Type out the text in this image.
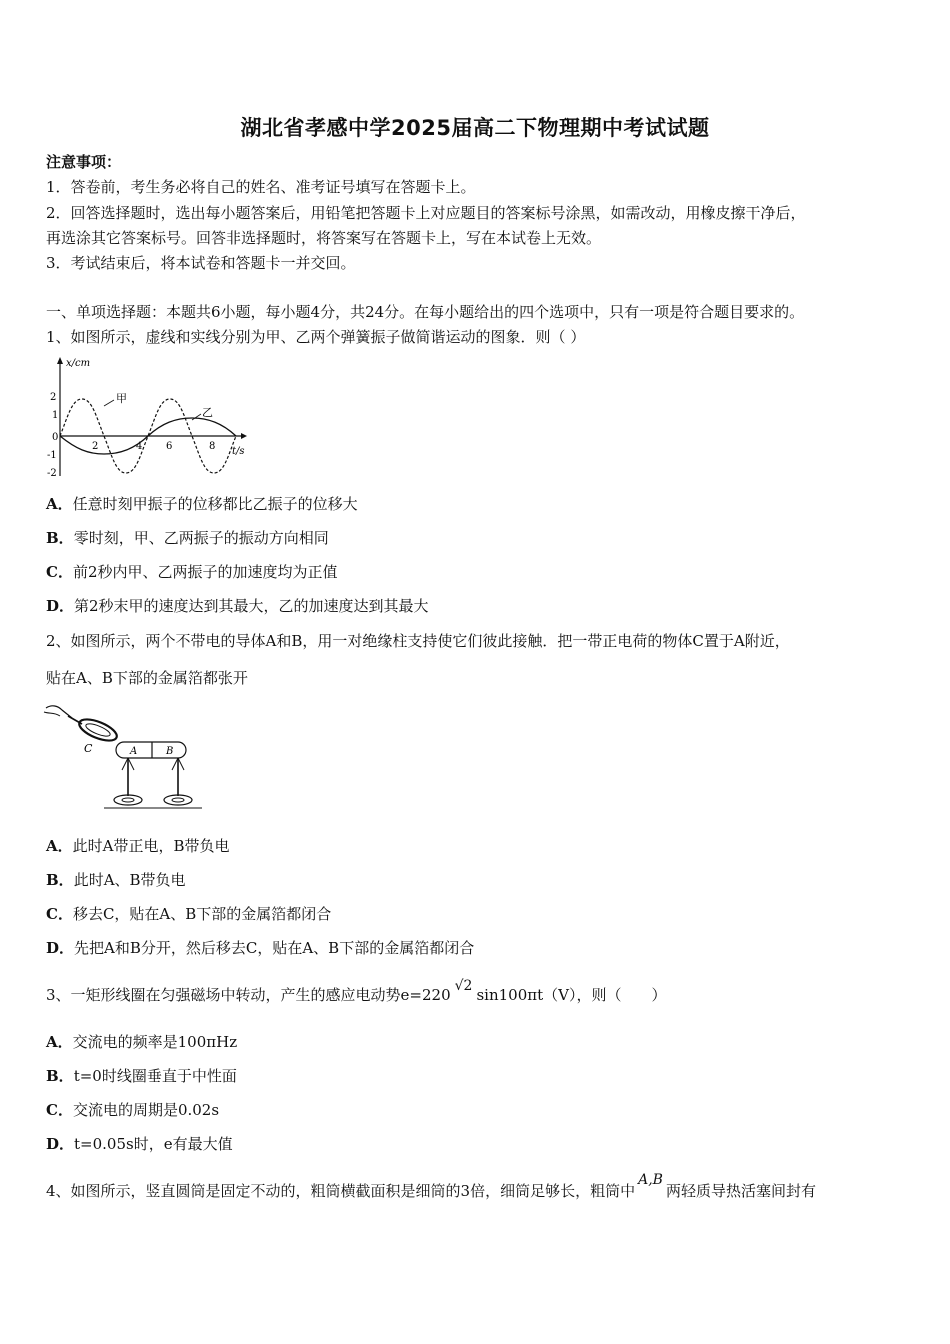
湖北省孝感中学2025届高二下物理期中考试试题
注意事项：
1．答卷前，考生务必将自己的姓名、准考证号填写在答题卡上。
2．回答选择题时，选出每小题答案后，用铅笔把答题卡上对应题目的答案标号涂黑，如需改动，用橡皮擦干净后，
再选涂其它答案标号。回答非选择题时，将答案写在答题卡上，写在本试卷上无效。
3．考试结束后，将本试卷和答题卡一并交回。
一、单项选择题：本题共6小题，每小题4分，共24分。在每小题给出的四个选项中，只有一项是符合题目要求的。
1、如图所示，虚线和实线分别为甲、乙两个弹簧振子做简谐运动的图象．则（ ）
x/cm
t/s
2
1
0
-1
-2
2	4 6	8
甲
乙
A．任意时刻甲振子的位移都比乙振子的位移大
B．零时刻，甲、乙两振子的振动方向相同
C．前2秒内甲、乙两振子的加速度均为正值
D．第2秒末甲的速度达到其最大，乙的加速度达到其最大
2、如图所示，两个不带电的导体A和B，用一对绝缘柱支持使它们彼此接触．把一带正电荷的物体C置于A附近，
贴在A、B下部的金属箔都张开
C	A	B
A．此时A带正电，B带负电
B．此时A、B带负电
C．移去C，贴在A、B下部的金属箔都闭合
D．先把A和B分开，然后移去C，贴在A、B下部的金属箔都闭合
3、一矩形线圈在匀强磁场中转动，产生的感应电动势e=220 √2 sin100πt（V），则（　　）
A．交流电的频率是100πHz
B．t=0时线圈垂直于中性面
C．交流电的周期是0.02s
D．t=0.05s时，e有最大值
4、如图所示，竖直圆筒是固定不动的，粗筒横截面积是细筒的3倍，细筒足够长，粗筒中A,B两轻质导热活塞间封有
